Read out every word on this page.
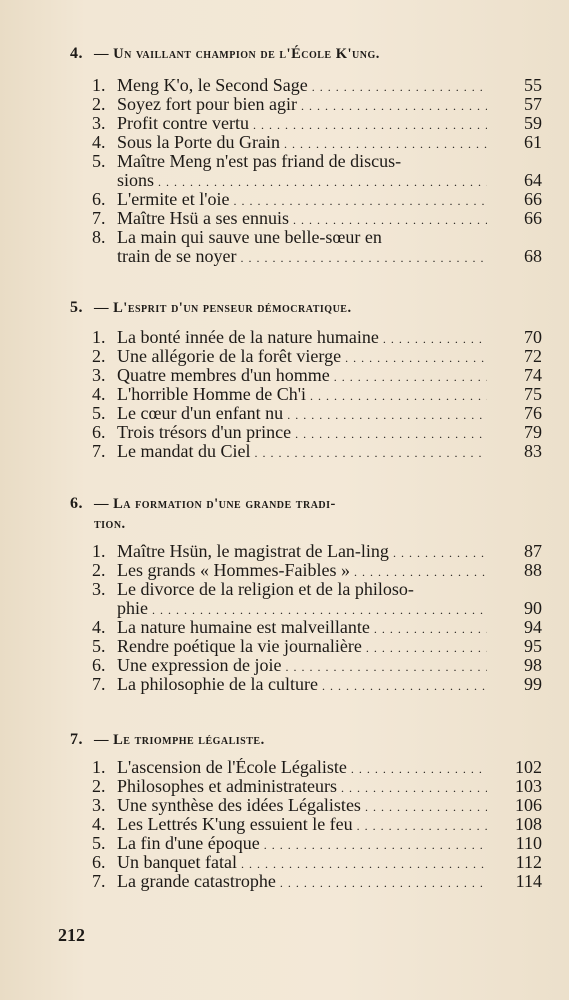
4. — Un vaillant champion de l'École K'ung.
1. Meng K'o, le Second Sage . . .	55
2. Soyez fort pour bien agir . . .	57
3. Profit contre vertu . . .	59
4. Sous la Porte du Grain . . .	61
5. Maître Meng n'est pas friand de discus-
sions . . .	64
6. L'ermite et l'oie . . .	66
7. Maître Hsü a ses ennuis . . .	66
8. La main qui sauve une belle-sœur en
train de se noyer . . .	68
5. — L'esprit d'un penseur démocratique.
1. La bonté innée de la nature humaine . . .	70
2. Une allégorie de la forêt vierge . . .	72
3. Quatre membres d'un homme . . .	74
4. L'horrible Homme de Ch'i . . .	75
5. Le cœur d'un enfant nu . . .	76
6. Trois trésors d'un prince . . .	79
7. Le mandat du Ciel . . .	83
6. — La formation d'une grande tradi-
tion.
1. Maître Hsün, le magistrat de Lan-ling . . .	87
2. Les grands « Hommes-Faibles » . . .	88
3. Le divorce de la religion et de la philoso-
phie . . .	90
4. La nature humaine est malveillante . . .	94
5. Rendre poétique la vie journalière . . .	95
6. Une expression de joie . . .	98
7. La philosophie de la culture . . .	99
7. — Le triomphe légaliste.
1. L'ascension de l'École Légaliste . . .	102
2. Philosophes et administrateurs . . .	103
3. Une synthèse des idées Légalistes . . .	106
4. Les Lettrés K'ung essuient le feu . . .	108
5. La fin d'une époque . . .	110
6. Un banquet fatal . . .	112
7. La grande catastrophe . . .	114
212
